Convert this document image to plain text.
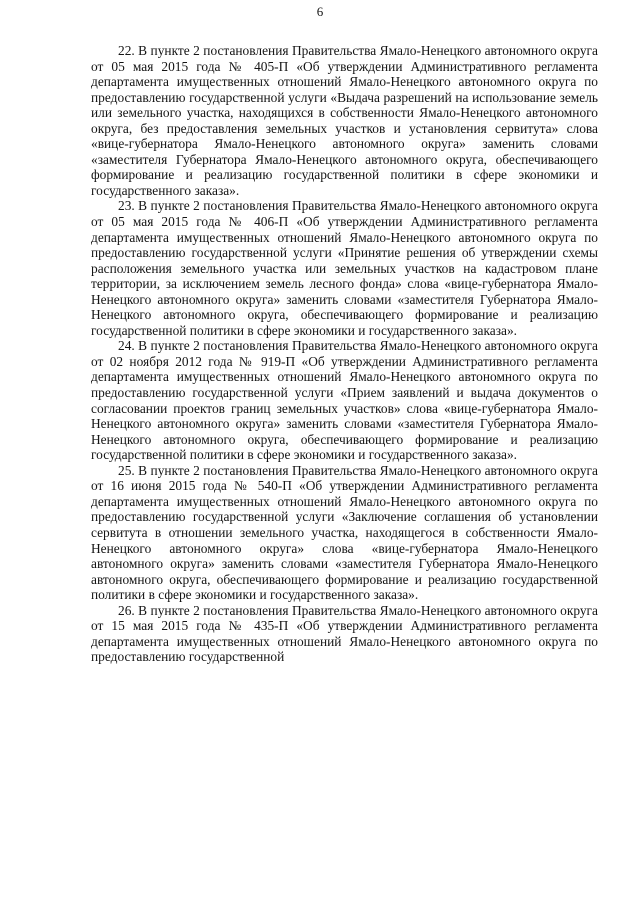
6

22. В пункте 2 постановления Правительства Ямало-Ненецкого автономного округа от 05 мая 2015 года № 405-П «Об утверждении Административного регламента департамента имущественных отношений Ямало-Ненецкого автономного округа по предоставлению государственной услуги «Выдача разрешений на использование земель или земельного участка, находящихся в собственности Ямало-Ненецкого автономного округа, без предоставления земельных участков и установления сервитута» слова «вице-губернатора Ямало-Ненецкого автономного округа» заменить словами «заместителя Губернатора Ямало-Ненецкого автономного округа, обеспечивающего формирование и реализацию государственной политики в сфере экономики и государственного заказа».

23. В пункте 2 постановления Правительства Ямало-Ненецкого автономного округа от 05 мая 2015 года № 406-П «Об утверждении Административного регламента департамента имущественных отношений Ямало-Ненецкого автономного округа по предоставлению государственной услуги «Принятие решения об утверждении схемы расположения земельного участка или земельных участков на кадастровом плане территории, за исключением земель лесного фонда» слова «вице-губернатора Ямало-Ненецкого автономного округа» заменить словами «заместителя Губернатора Ямало-Ненецкого автономного округа, обеспечивающего формирование и реализацию государственной политики в сфере экономики и государственного заказа».

24. В пункте 2 постановления Правительства Ямало-Ненецкого автономного округа от 02 ноября 2012 года № 919-П «Об утверждении Административного регламента департамента имущественных отношений Ямало-Ненецкого автономного округа по предоставлению государственной услуги «Прием заявлений и выдача документов о согласовании проектов границ земельных участков» слова «вице-губернатора Ямало-Ненецкого автономного округа» заменить словами «заместителя Губернатора Ямало-Ненецкого автономного округа, обеспечивающего формирование и реализацию государственной политики в сфере экономики и государственного заказа».

25. В пункте 2 постановления Правительства Ямало-Ненецкого автономного округа от 16 июня 2015 года № 540-П «Об утверждении Административного регламента департамента имущественных отношений Ямало-Ненецкого автономного округа по предоставлению государственной услуги «Заключение соглашения об установлении сервитута в отношении земельного участка, находящегося в собственности Ямало-Ненецкого автономного округа» слова «вице-губернатора Ямало-Ненецкого автономного округа» заменить словами «заместителя Губернатора Ямало-Ненецкого автономного округа, обеспечивающего формирование и реализацию государственной политики в сфере экономики и государственного заказа».

26. В пункте 2 постановления Правительства Ямало-Ненецкого автономного округа от 15 мая 2015 года № 435-П «Об утверждении Административного регламента департамента имущественных отношений Ямало-Ненецкого автономного округа по предоставлению государственной
